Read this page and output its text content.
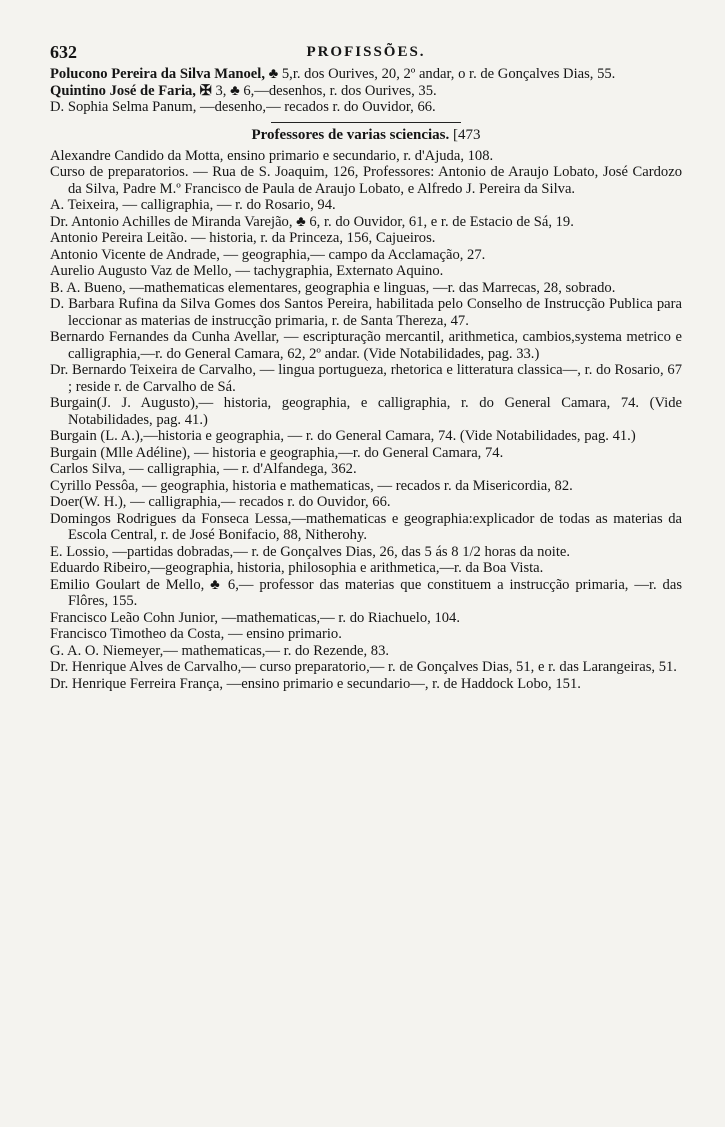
632	PROFISSÕES.

Polucono Pereira da Silva Manoel, ♣ 5,r. dos Ourives, 20, 2º andar, o r. de Gonçalves Dias, 55.

Quintino José de Faria, ✠ 3, ♣ 6,—desenhos, r. dos Ourives, 35.

D. Sophia Selma Panum, —desenho,— recados r. do Ouvidor, 66.

Professores de varias sciencias. [473

Alexandre Candido da Motta, ensino primario e secundario, r. d'Ajuda, 108.

Curso de preparatorios. — Rua de S. Joaquim, 126, Professores: Antonio de Araujo Lobato, José Cardozo da Silva, Padre M.º Francisco de Paula de Araujo Lobato, e Alfredo J. Pereira da Silva.

A. Teixeira, — calligraphia, — r. do Rosario, 94.

Dr. Antonio Achilles de Miranda Varejão, ♣ 6, r. do Ouvidor, 61, e r. de Estacio de Sá, 19.

Antonio Pereira Leitão. — historia, r. da Princeza, 156, Cajueiros.

Antonio Vicente de Andrade, — geographia,— campo da Acclamação, 27.

Aurelio Augusto Vaz de Mello, — tachygraphia, Externato Aquino.

B. A. Bueno, —mathematicas elementares, geographia e linguas, —r. das Marrecas, 28, sobrado.

D. Barbara Rufina da Silva Gomes dos Santos Pereira, habilitada pelo Conselho de Instrucção Publica para leccionar as materias de instrucção primaria, r. de Santa Thereza, 47.

Bernardo Fernandes da Cunha Avellar, — escripturação mercantil, arithmetica, cambios,systema metrico e calligraphia,—r. do General Camara, 62, 2º andar. (Vide Notabilidades, pag. 33.)

Dr. Bernardo Teixeira de Carvalho, — lingua portugueza, rhetorica e litteratura classica—, r. do Rosario, 67 ; reside r. de Carvalho de Sá.

Burgain(J. J. Augusto),— historia, geographia, e calligraphia, r. do General Camara, 74. (Vide Notabilidades, pag. 41.)

Burgain (L. A.),—historia e geographia, — r. do General Camara, 74. (Vide Notabilidades, pag. 41.)

Burgain (Mlle Adéline), — historia e geographia,—r. do General Camara, 74.

Carlos Silva, — calligraphia, — r. d'Alfandega, 362.

Cyrillo Pessôa, — geographia, historia e mathematicas, — recados r. da Misericordia, 82.

Doer(W. H.), — calligraphia,— recados r. do Ouvidor, 66.

Domingos Rodrigues da Fonseca Lessa,—mathematicas e geographia:explicador de todas as materias da Escola Central, r. de José Bonifacio, 88, Nitherohy.

E. Lossio, —partidas dobradas,— r. de Gonçalves Dias, 26, das 5 ás 8 1/2 horas da noite.

Eduardo Ribeiro,—geographia, historia, philosophia e arithmetica,—r. da Boa Vista.

Emilio Goulart de Mello, ♣ 6,— professor das materias que constituem a instrucção primaria, —r. das Flôres, 155.

Francisco Leão Cohn Junior, —mathematicas,— r. do Riachuelo, 104.

Francisco Timotheo da Costa, — ensino primario.

G. A. O. Niemeyer,— mathematicas,— r. do Rezende, 83.

Dr. Henrique Alves de Carvalho,— curso preparatorio,— r. de Gonçalves Dias, 51, e r. das Larangeiras, 51.

Dr. Henrique Ferreira França, —ensino primario e secundario—, r. de Haddock Lobo, 151.
